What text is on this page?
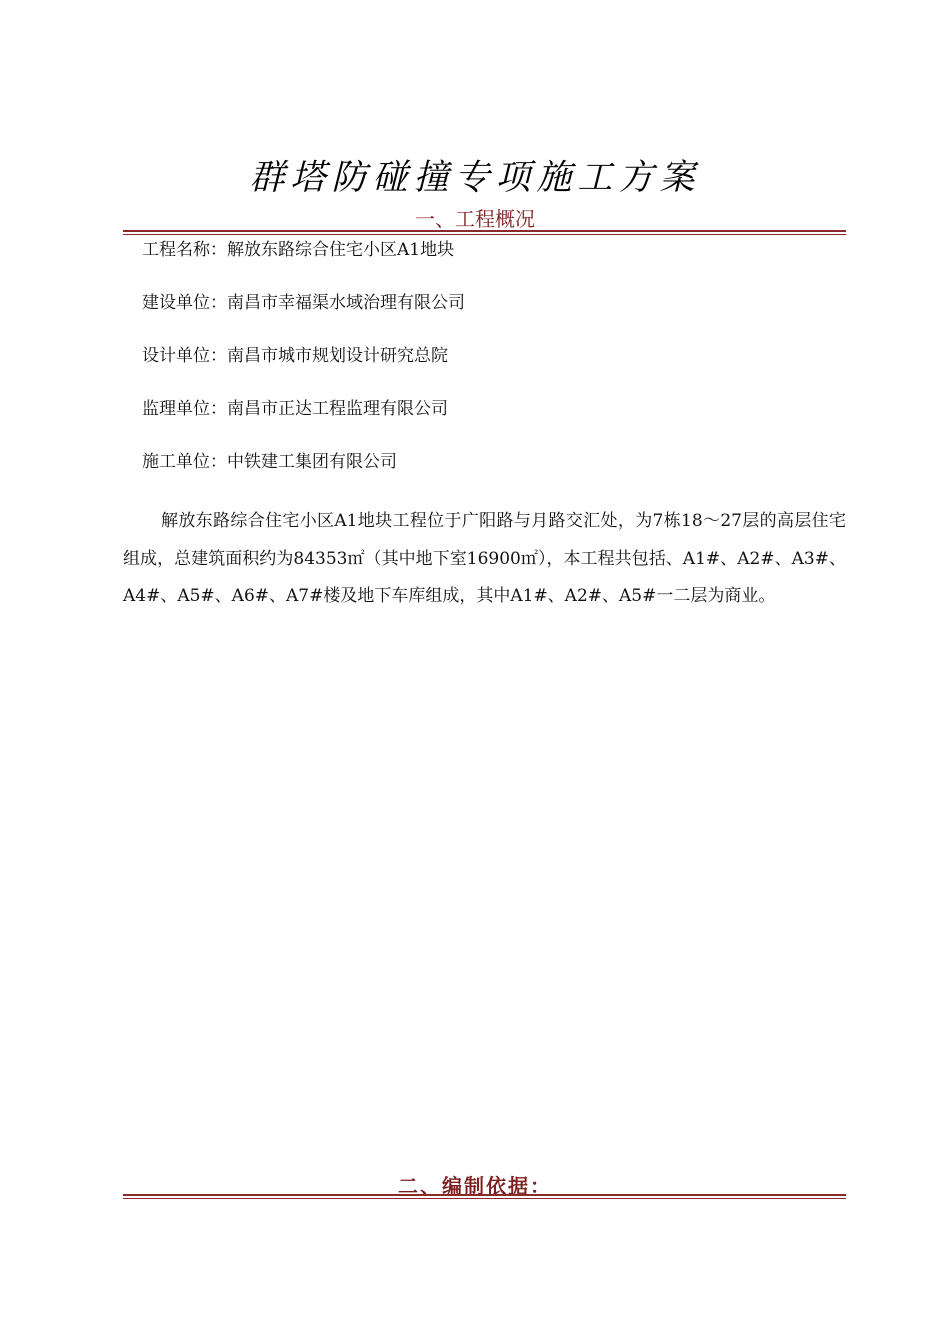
群塔防碰撞专项施工方案
一、工程概况
工程名称：解放东路综合住宅小区A1地块
建设单位：南昌市幸福渠水域治理有限公司
设计单位：南昌市城市规划设计研究总院
监理单位：南昌市正达工程监理有限公司
施工单位：中铁建工集团有限公司

解放东路综合住宅小区A1地块工程位于广阳路与月路交汇处，为7栋18～27层的高层住宅组成，总建筑面积约为84353㎡（其中地下室16900㎡），本工程共包括、A1#、A2#、A3#、A4#、A5#、A6#、A7#楼及地下车库组成，其中A1#、A2#、A5#一二层为商业。

二、编制依据：
